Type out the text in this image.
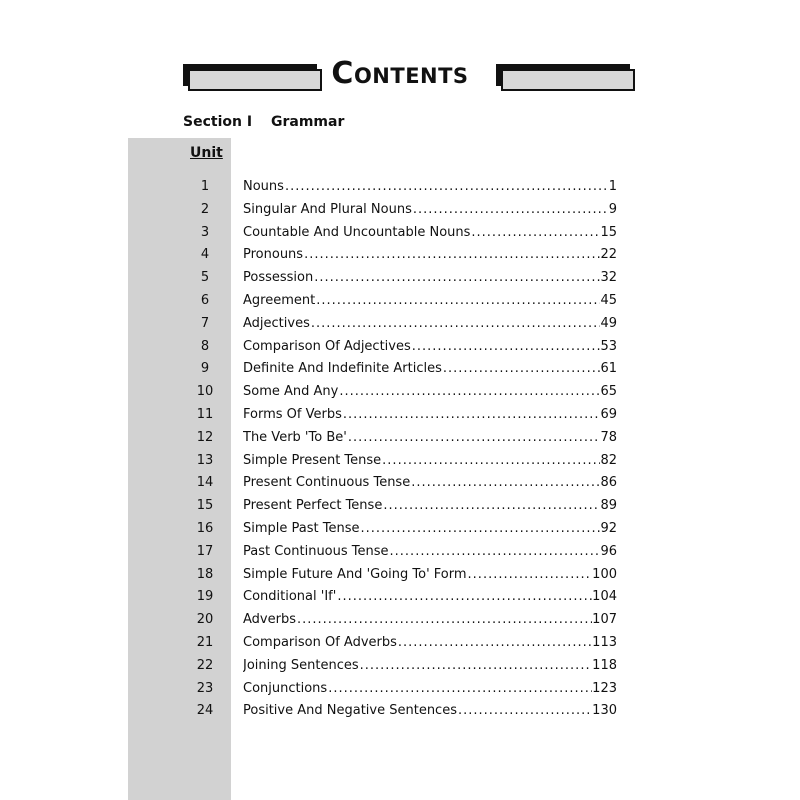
Contents
Section I Grammar
Unit
1	Nouns .....	1
2	Singular And Plural Nouns .....	9
3	Countable And Uncountable Nouns .....	15
4	Pronouns .....	22
5	Possession .....	32
6	Agreement .....	45
7	Adjectives .....	49
8	Comparison Of Adjectives .....	53
9	Definite And Indefinite Articles .....	61
10	Some And Any .....	65
11	Forms Of Verbs .....	69
12	The Verb 'To Be' .....	78
13	Simple Present Tense .....	82
14	Present Continuous Tense .....	86
15	Present Perfect Tense .....	89
16	Simple Past Tense .....	92
17	Past Continuous Tense .....	96
18	Simple Future And 'Going To' Form .....	100
19	Conditional 'If' .....	104
20	Adverbs .....	107
21	Comparison Of Adverbs .....	113
22	Joining Sentences .....	118
23	Conjunctions .....	123
24	Positive And Negative Sentences .....	130
